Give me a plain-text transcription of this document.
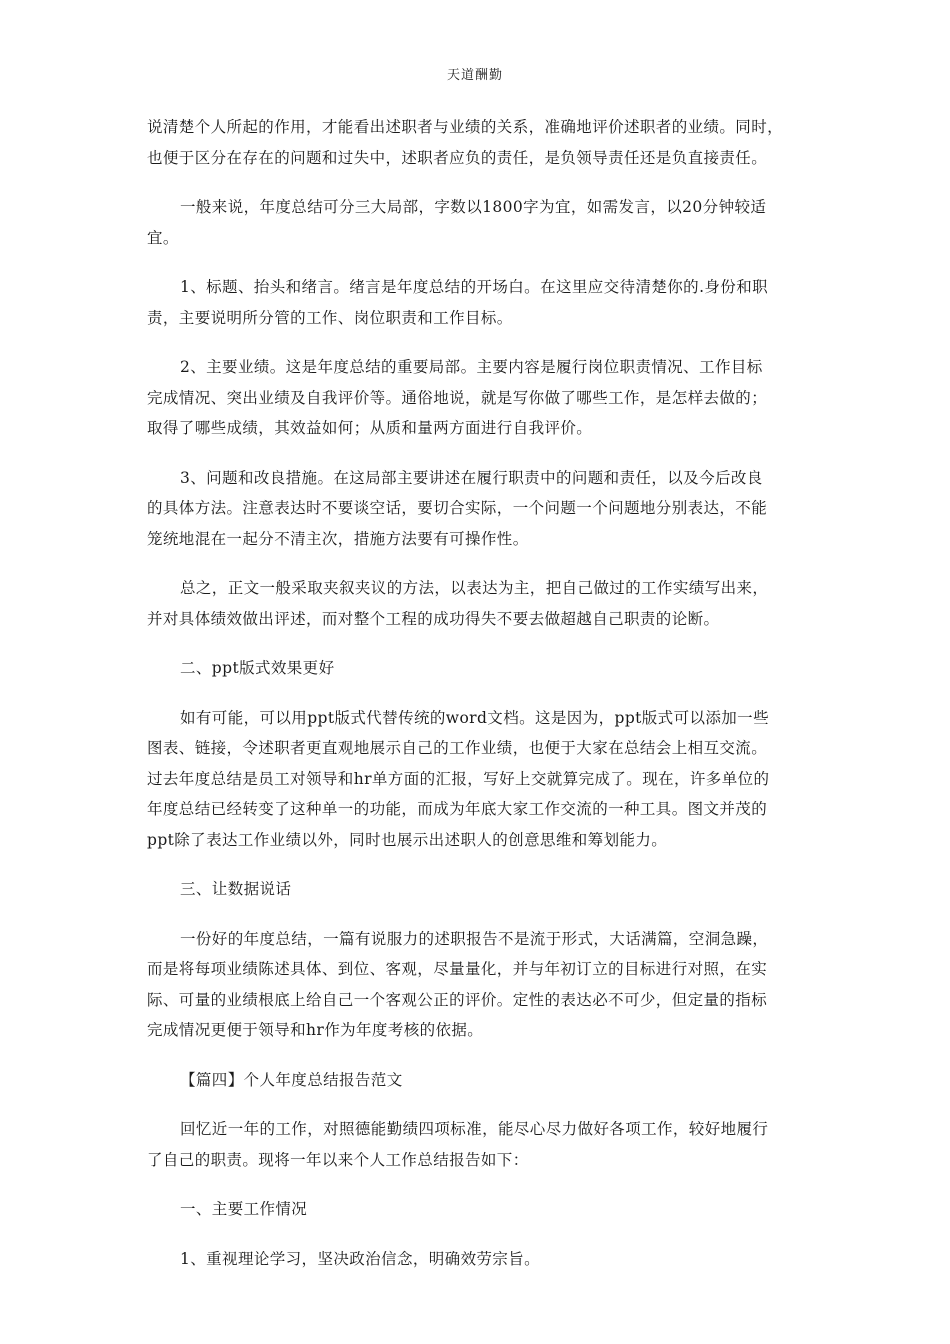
天道酬勤

说清楚个人所起的作用，才能看出述职者与业绩的关系，准确地评价述职者的业绩。同时，
也便于区分在存在的问题和过失中，述职者应负的责任，是负领导责任还是负直接责任。

一般来说，年度总结可分三大局部，字数以1800字为宜，如需发言，以20分钟较适
宜。

1、标题、抬头和绪言。绪言是年度总结的开场白。在这里应交待清楚你的.身份和职
责，主要说明所分管的工作、岗位职责和工作目标。

2、主要业绩。这是年度总结的重要局部。主要内容是履行岗位职责情况、工作目标
完成情况、突出业绩及自我评价等。通俗地说，就是写你做了哪些工作，是怎样去做的；
取得了哪些成绩，其效益如何；从质和量两方面进行自我评价。

3、问题和改良措施。在这局部主要讲述在履行职责中的问题和责任，以及今后改良
的具体方法。注意表达时不要谈空话，要切合实际，一个问题一个问题地分别表达，不能
笼统地混在一起分不清主次，措施方法要有可操作性。

总之，正文一般采取夹叙夹议的方法，以表达为主，把自己做过的工作实绩写出来，
并对具体绩效做出评述，而对整个工程的成功得失不要去做超越自己职责的论断。

二、ppt版式效果更好

如有可能，可以用ppt版式代替传统的word文档。这是因为，ppt版式可以添加一些
图表、链接，令述职者更直观地展示自己的工作业绩，也便于大家在总结会上相互交流。
过去年度总结是员工对领导和hr单方面的汇报，写好上交就算完成了。现在，许多单位的
年度总结已经转变了这种单一的功能，而成为年底大家工作交流的一种工具。图文并茂的
ppt除了表达工作业绩以外，同时也展示出述职人的创意思维和筹划能力。

三、让数据说话

一份好的年度总结，一篇有说服力的述职报告不是流于形式，大话满篇，空洞急躁，
而是将每项业绩陈述具体、到位、客观，尽量量化，并与年初订立的目标进行对照，在实
际、可量的业绩根底上给自己一个客观公正的评价。定性的表达必不可少，但定量的指标
完成情况更便于领导和hr作为年度考核的依据。

【篇四】个人年度总结报告范文

回忆近一年的工作，对照德能勤绩四项标准，能尽心尽力做好各项工作，较好地履行
了自己的职责。现将一年以来个人工作总结报告如下：

一、主要工作情况

1、重视理论学习，坚决政治信念，明确效劳宗旨。
